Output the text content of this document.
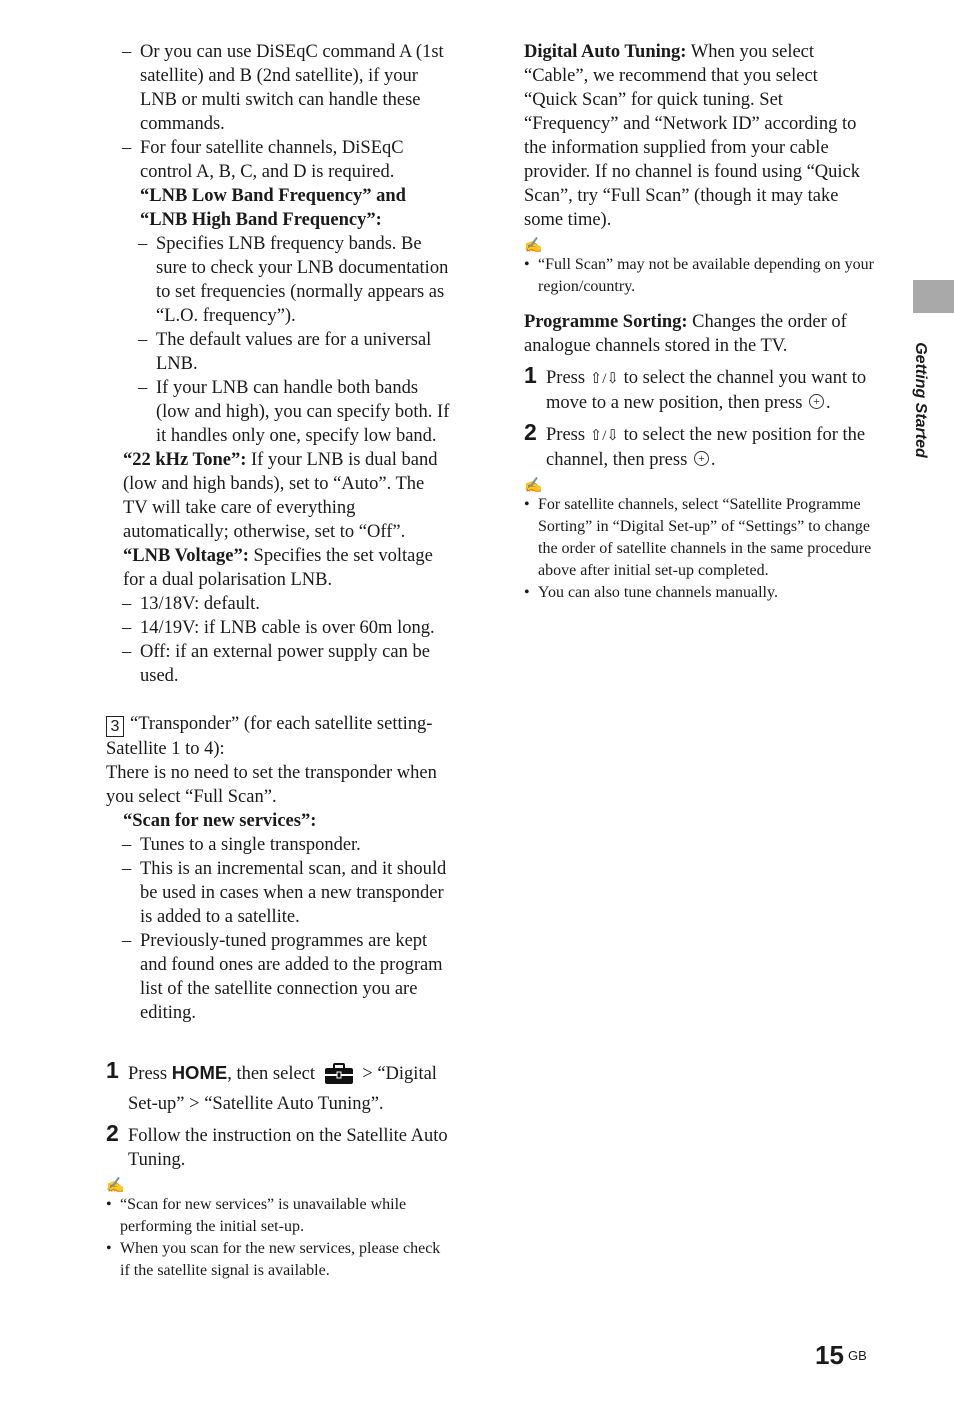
– Or you can use DiSEqC command A (1st satellite) and B (2nd satellite), if your LNB or multi switch can handle these commands.
– For four satellite channels, DiSEqC control A, B, C, and D is required.
“LNB Low Band Frequency” and “LNB High Band Frequency”:
– Specifies LNB frequency bands. Be sure to check your LNB documentation to set frequencies (normally appears as “L.O. frequency”).
– The default values are for a universal LNB.
– If your LNB can handle both bands (low and high), you can specify both. If it handles only one, specify low band.
“22 kHz Tone”: If your LNB is dual band (low and high bands), set to “Auto”. The TV will take care of everything automatically; otherwise, set to “Off”.
“LNB Voltage”: Specifies the set voltage for a dual polarisation LNB.
– 13/18V: default.
– 14/19V: if LNB cable is over 60m long.
– Off: if an external power supply can be used.
3 “Transponder” (for each satellite setting- Satellite 1 to 4):
There is no need to set the transponder when you select “Full Scan”.
“Scan for new services”:
– Tunes to a single transponder.
– This is an incremental scan, and it should be used in cases when a new transponder is added to a satellite.
– Previously-tuned programmes are kept and found ones are added to the program list of the satellite connection you are editing.
1 Press HOME, then select  > “Digital Set-up” > “Satellite Auto Tuning”.
2 Follow the instruction on the Satellite Auto Tuning.
✍
• “Scan for new services” is unavailable while performing the initial set-up.
• When you scan for the new services, please check if the satellite signal is available.
Digital Auto Tuning: When you select “Cable”, we recommend that you select “Quick Scan” for quick tuning. Set “Frequency” and “Network ID” according to the information supplied from your cable provider. If no channel is found using “Quick Scan”, try “Full Scan” (though it may take some time).
✍
• “Full Scan” may not be available depending on your region/country.
Programme Sorting: Changes the order of analogue channels stored in the TV.
1 Press ⇧/⇩ to select the channel you want to move to a new position, then press +.
2 Press ⇧/⇩ to select the new position for the channel, then press +.
✍
• For satellite channels, select “Satellite Programme Sorting” in “Digital Set-up” of “Settings” to change the order of satellite channels in the same procedure above after initial set-up completed.
• You can also tune channels manually.
Getting Started
15 GB
